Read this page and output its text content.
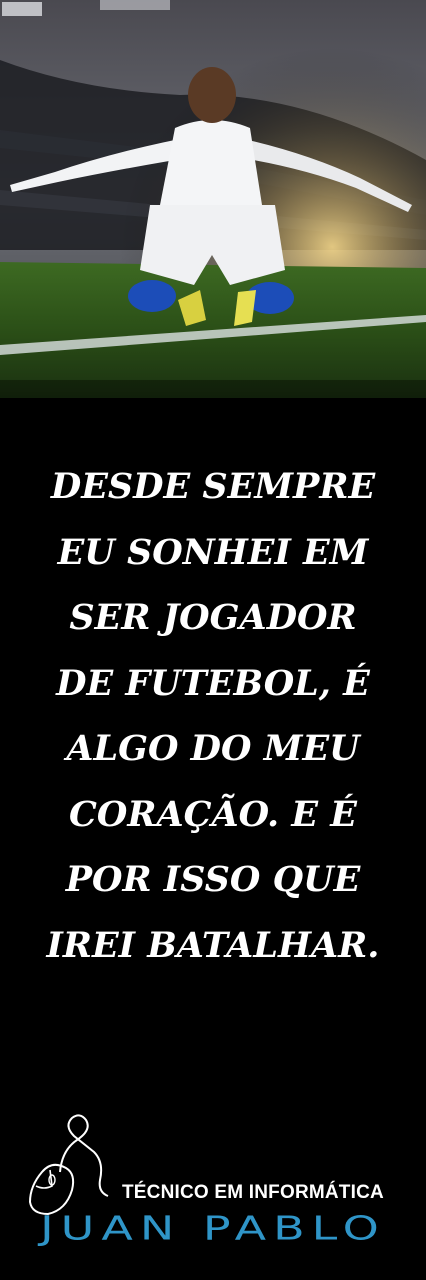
DESDE SEMPRE
EU SONHEI EM
SER JOGADOR
DE FUTEBOL, É
ALGO DO MEU
CORAÇÃO. E É
POR ISSO QUE
IREI BATALHAR.
TÉCNICO EM INFORMÁTICA
JUAN PABLO
